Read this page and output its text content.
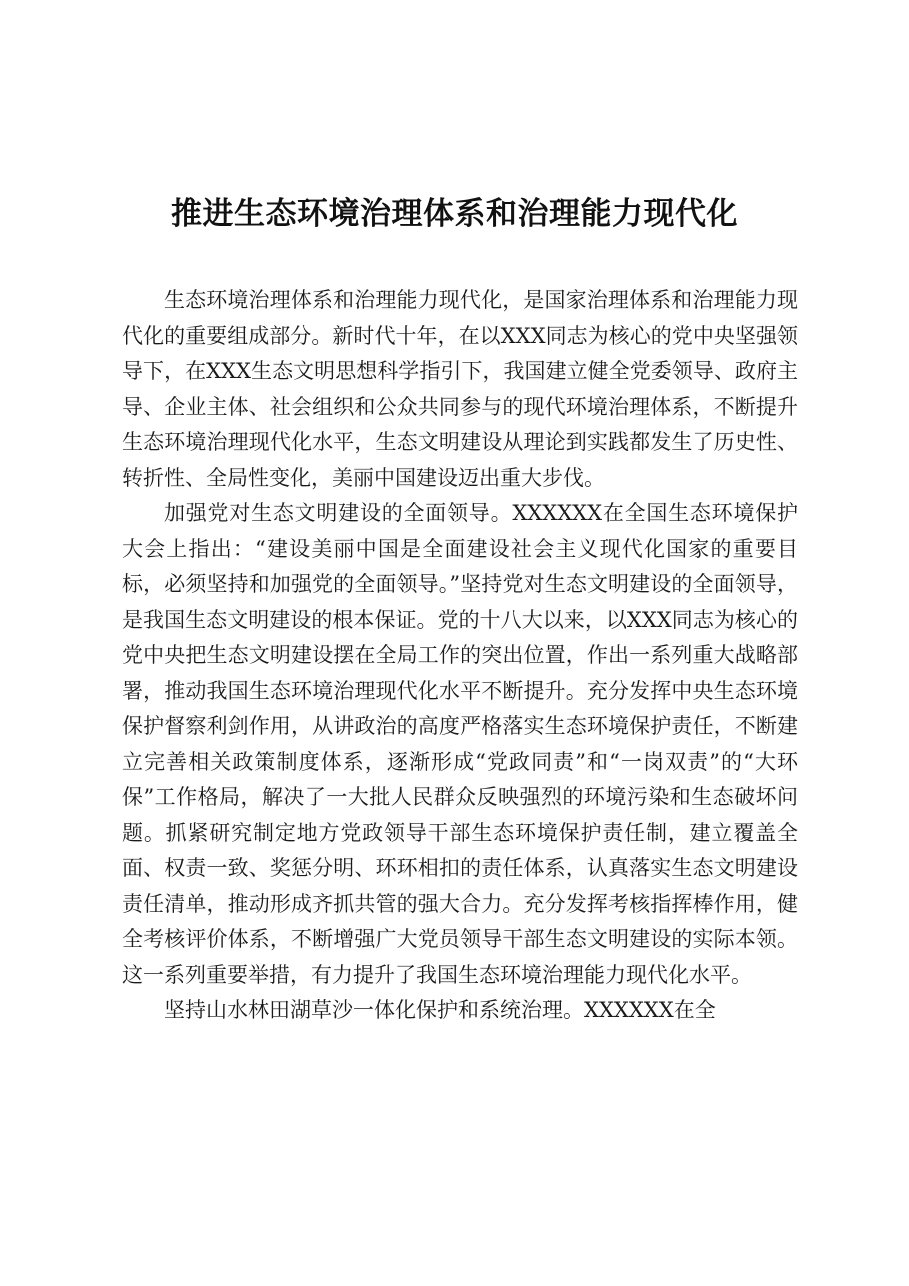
推进生态环境治理体系和治理能力现代化

生态环境治理体系和治理能力现代化，是国家治理体系和治理能力现代化的重要组成部分。新时代十年，在以XXX同志为核心的党中央坚强领导下，在XXX生态文明思想科学指引下，我国建立健全党委领导、政府主导、企业主体、社会组织和公众共同参与的现代环境治理体系，不断提升生态环境治理现代化水平，生态文明建设从理论到实践都发生了历史性、转折性、全局性变化，美丽中国建设迈出重大步伐。

加强党对生态文明建设的全面领导。XXXXXX在全国生态环境保护大会上指出：“建设美丽中国是全面建设社会主义现代化国家的重要目标，必须坚持和加强党的全面领导。”坚持党对生态文明建设的全面领导，是我国生态文明建设的根本保证。党的十八大以来，以XXX同志为核心的党中央把生态文明建设摆在全局工作的突出位置，作出一系列重大战略部署，推动我国生态环境治理现代化水平不断提升。充分发挥中央生态环境保护督察利剑作用，从讲政治的高度严格落实生态环境保护责任，不断建立完善相关政策制度体系，逐渐形成“党政同责”和“一岗双责”的“大环保”工作格局，解决了一大批人民群众反映强烈的环境污染和生态破坏问题。抓紧研究制定地方党政领导干部生态环境保护责任制，建立覆盖全面、权责一致、奖惩分明、环环相扣的责任体系，认真落实生态文明建设责任清单，推动形成齐抓共管的强大合力。充分发挥考核指挥棒作用，健全考核评价体系，不断增强广大党员领导干部生态文明建设的实际本领。这一系列重要举措，有力提升了我国生态环境治理能力现代化水平。

坚持山水林田湖草沙一体化保护和系统治理。XXXXXX在全
